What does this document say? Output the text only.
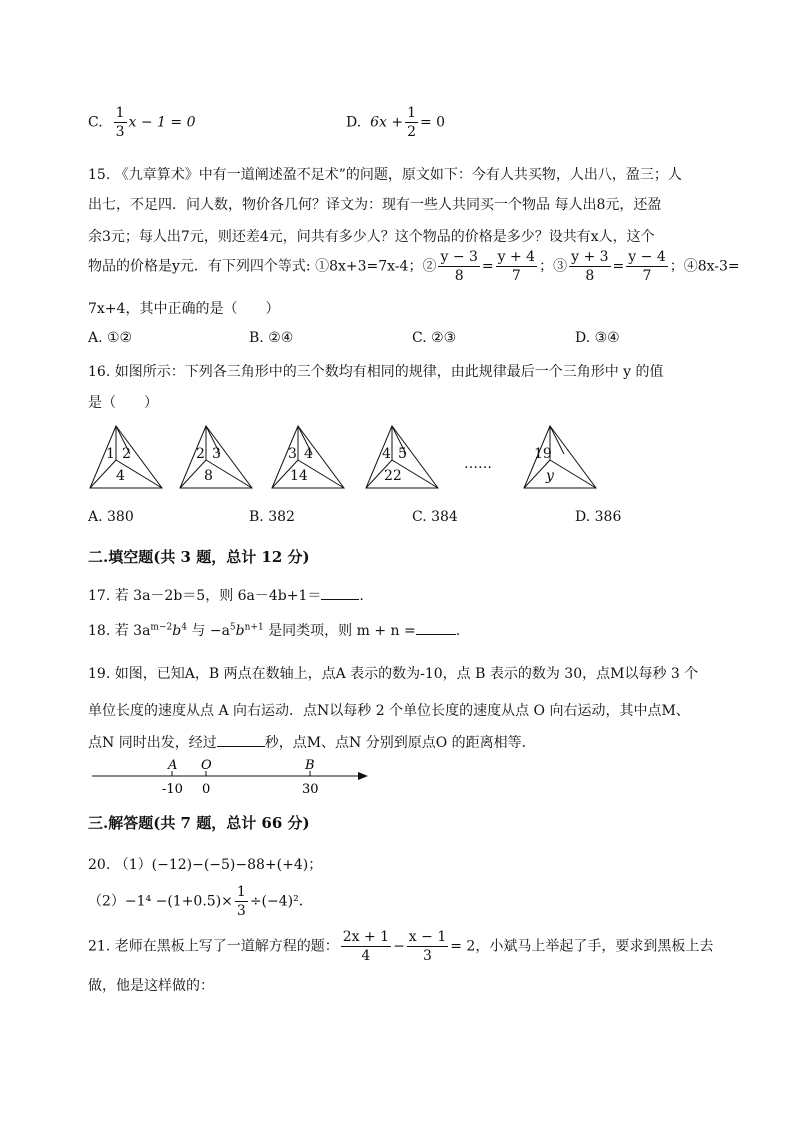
C. $\frac{1}{3}$ x − 1 = 0	D. $6x + \frac{1}{2} = 0$
15. 《九章算术》中有一道阐述盈不足术”的问题，原文如下：今有人共买物，人出八，盈三；人
出七，不足四．问人数，物价各几何？译文为：现有一些人共同买一个物品 每人出8元，还盈
余3元；每人出7元，则还差4元，问共有多少人？这个物品的价格是多少？设共有x人，这个
物品的价格是y元．有下列四个等式: ①8x+3=7x-4；② $\frac{y - 3}{8} = \frac{y + 4}{7}$ ；③ $\frac{y + 3}{8} = \frac{y - 4}{7}$ ；④8x-3=
7x+4，其中正确的是（　　）
A. ①②	B. ②④	C. ②③	D. ③④
16. 如图所示：下列各三角形中的三个数均有相同的规律，由此规律最后一个三角形中 y 的值
是（　　）
1 2
4
2 3
8
3 4
14
4 5
22
……
19
y
A. 380	B. 382	C. 384	D. 386
二.填空题(共 3 题，总计 12 分)
17. 若 3a－2b＝5，则 6a－4b+1＝	.
18. 若 $3a^{m-2}b^4$ 与 $-a^5b^{n+1}$ 是同类项，则 m + n =	.
19. 如图，已知A，B 两点在数轴上，点A 表示的数为-10，点 B 表示的数为 30，点M以每秒 3 个
单位长度的速度从点 A 向右运动．点N以每秒 2 个单位长度的速度从点 O 向右运动，其中点M、
点N 同时出发，经过	秒，点M、点N 分别到原点O 的距离相等．
A O	B
-10 0	30
三.解答题(共 7 题，总计 66 分)
20. （1）(−12)−(−5)−88+(+4)；
$(2)-1^4 -(1+0.5)\times \frac{1}{3} \div(-4)^2$．
21. 老师在黑板上写了一道解方程的题： $\frac{2x + 1}{4} - \frac{x - 1}{3} = 2$，小斌马上举起了手，要求到黑板上去
做，他是这样做的：
